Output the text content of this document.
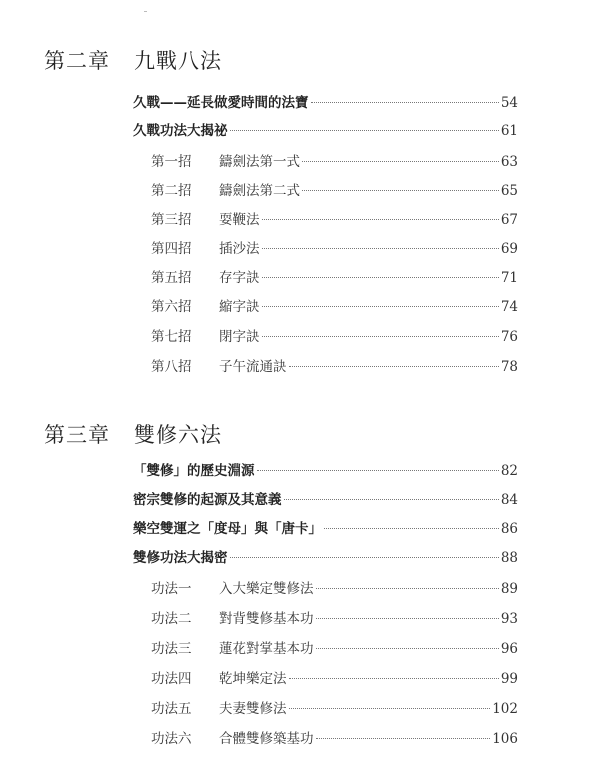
第二章 九戰八法
久戰——延長做愛時間的法寶	54
久戰功法大揭祕	61
第一招	鑄劍法第一式	63
第二招	鑄劍法第二式	65
第三招	耍鞭法	67
第四招	插沙法	69
第五招	存字訣	71
第六招	縮字訣	74
第七招	閉字訣	76
第八招	子午流通訣	78
第三章 雙修六法
「雙修」的歷史淵源	82
密宗雙修的起源及其意義	84
樂空雙運之「度母」與「唐卡」	86
雙修功法大揭密	88
功法一	入大樂定雙修法	89
功法二	對背雙修基本功	93
功法三	蓮花對掌基本功	96
功法四	乾坤樂定法	99
功法五	夫妻雙修法	102
功法六	合體雙修築基功	106
